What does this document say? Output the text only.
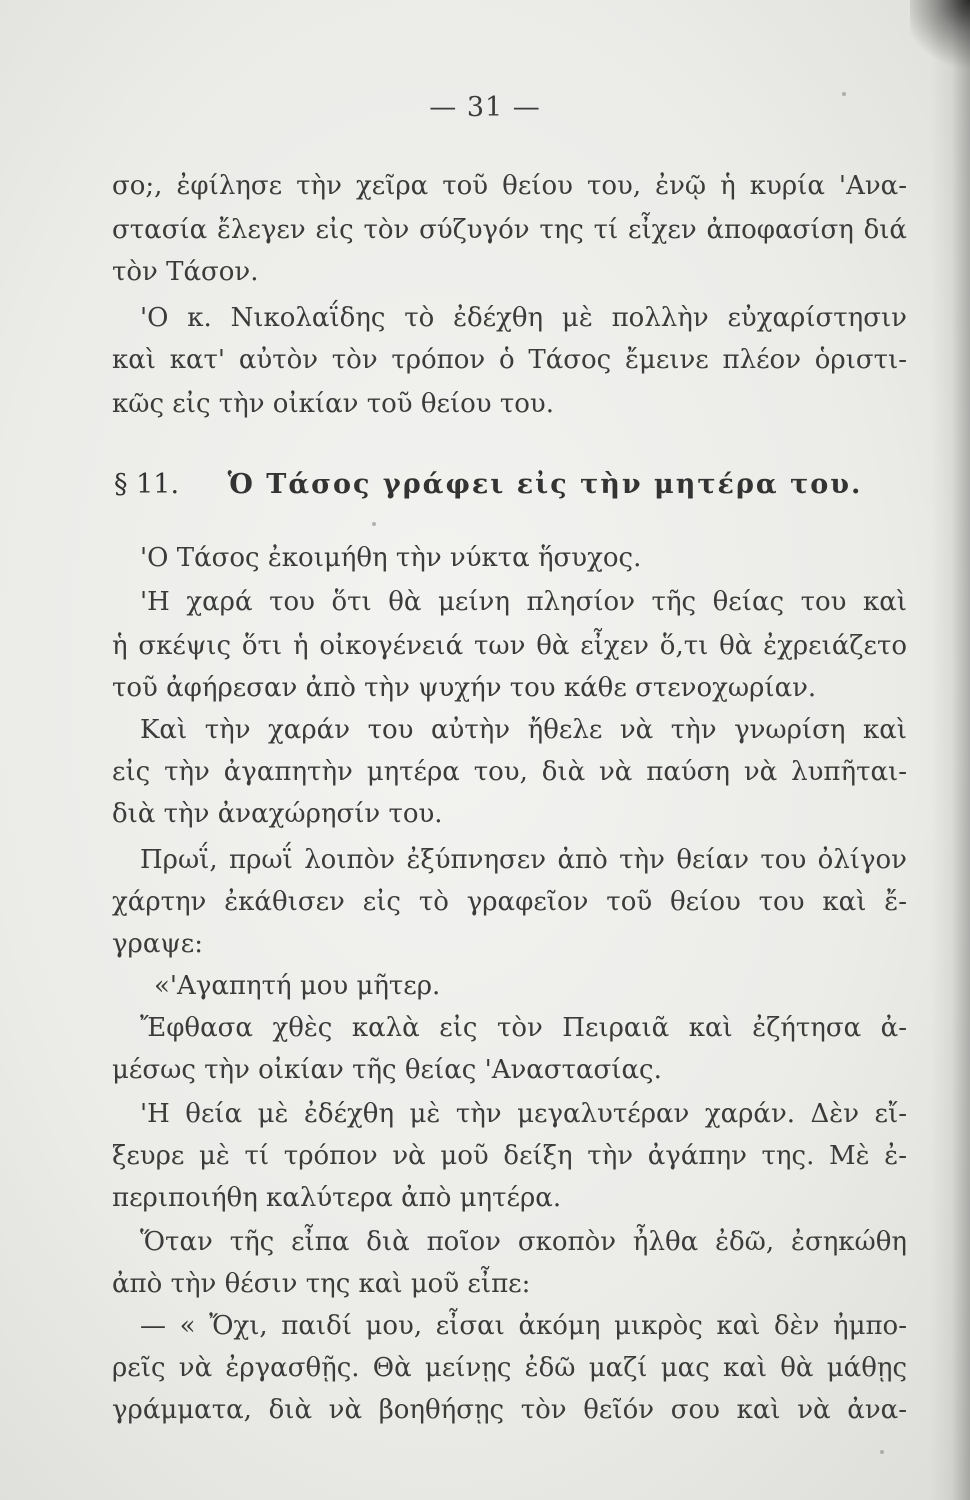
— 31 —
σο;, ἐφίλησε τὴν χεῖρα τοῦ θείου του, ἐνῷ ἡ κυρία 'Ανα-
στασία ἔλεγεν εἰς τὸν σύζυγόν της τί εἶχεν ἀποφασίση διά
τὸν Τάσον.
'Ο κ. Νικολαΐδης τὸ ἐδέχθη μὲ πολλὴν εὐχαρίστησιν
καὶ κατ' αὐτὸν τὸν τρόπον ὁ Τάσος ἔμεινε πλέον ὁριστι-
κῶς εἰς τὴν οἰκίαν τοῦ θείου του.
§ 11. Ὁ Τάσος γράφει εἰς τὴν μητέρα του.
'Ο Τάσος ἐκοιμήθη τὴν νύκτα ἥσυχος.
'Η χαρά του ὅτι θὰ μείνη πλησίον τῆς θείας του καὶ
ἡ σκέψις ὅτι ἡ οἰκογένειά των θὰ εἶχεν ὅ,τι θὰ ἐχρειάζετο
τοῦ ἀφήρεσαν ἀπὸ τὴν ψυχήν του κάθε στενοχωρίαν.
Καὶ τὴν χαράν του αὐτὴν ἤθελε νὰ τὴν γνωρίση καὶ
εἰς τὴν ἀγαπητὴν μητέρα του, διὰ νὰ παύση νὰ λυπῆται-
διὰ τὴν ἀναχώρησίν του.
Πρωΐ, πρωΐ λοιπὸν ἐξύπνησεν ἀπὸ τὴν θείαν του ὀλίγον
χάρτην ἐκάθισεν εἰς τὸ γραφεῖον τοῦ θείου του καὶ ἔ-
γραψε:
«'Αγαπητή μου μῆτερ.
Ἔφθασα χθὲς καλὰ εἰς τὸν Πειραιᾶ καὶ ἐζήτησα ἀ-
μέσως τὴν οἰκίαν τῆς θείας 'Αναστασίας.
'Η θεία μὲ ἐδέχθη μὲ τὴν μεγαλυτέραν χαράν. Δὲν εἴ-
ξευρε μὲ τί τρόπον νὰ μοῦ δείξη τὴν ἀγάπην της. Μὲ ἐ-
περιποιήθη καλύτερα ἀπὸ μητέρα.
Ὅταν τῆς εἶπα διὰ ποῖον σκοπὸν ἦλθα ἐδῶ, ἐσηκώθη
ἀπὸ τὴν θέσιν της καὶ μοῦ εἶπε:
— « Ὄχι, παιδί μου, εἶσαι ἀκόμη μικρὸς καὶ δὲν ἠμπο-
ρεῖς νὰ ἐργασθῇς. Θὰ μείνῃς ἐδῶ μαζί μας καὶ θὰ μάθῃς
γράμματα, διὰ νὰ βοηθήσῃς τὸν θεῖόν σου καὶ νὰ ἀνα-
